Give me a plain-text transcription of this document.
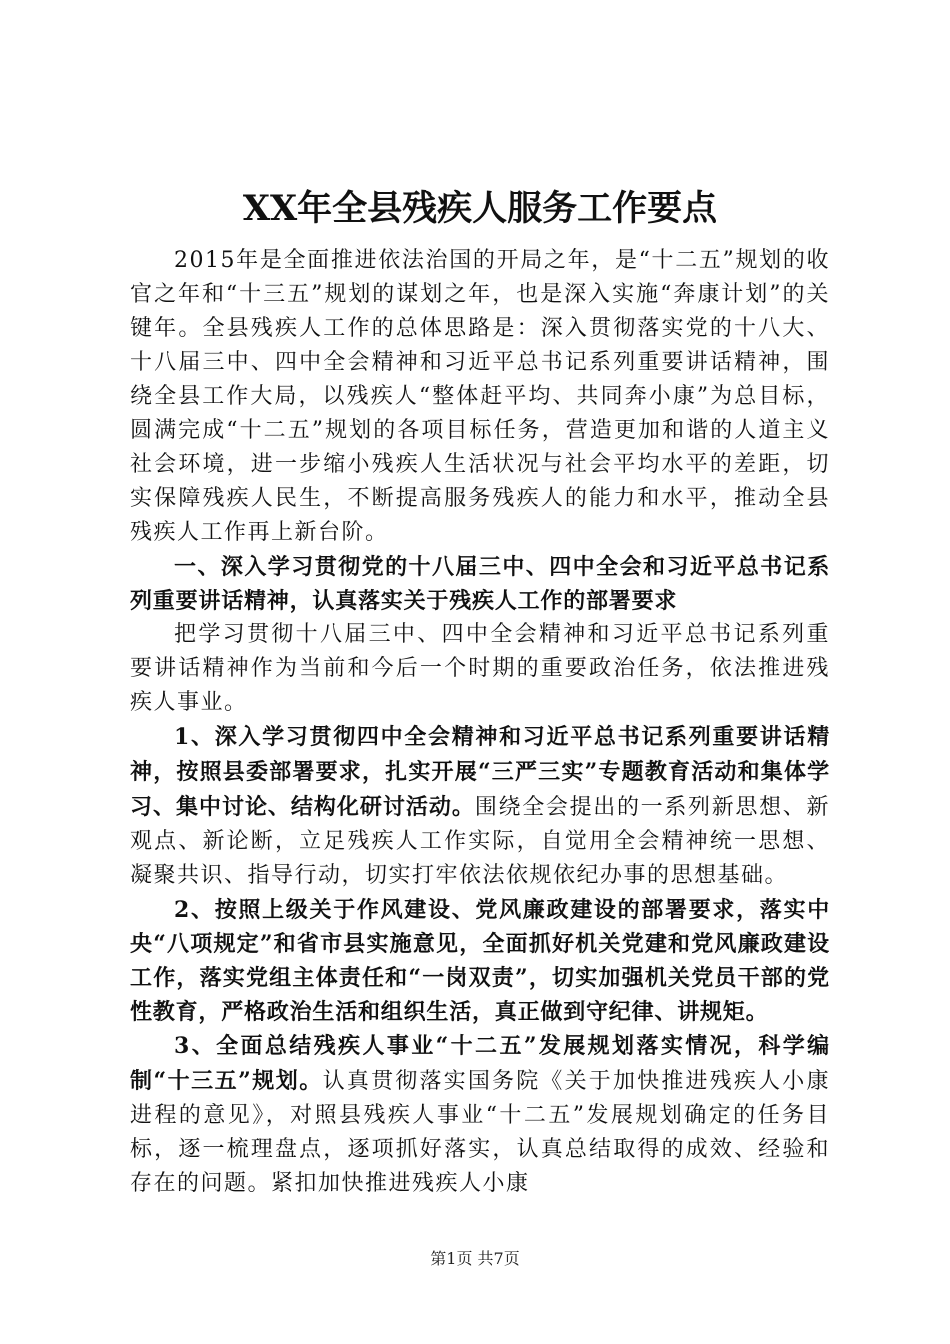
XX年全县残疾人服务工作要点

2015年是全面推进依法治国的开局之年，是“十二五”规划的收官之年和“十三五”规划的谋划之年，也是深入实施“奔康计划”的关键年。全县残疾人工作的总体思路是：深入贯彻落实党的十八大、十八届三中、四中全会精神和习近平总书记系列重要讲话精神，围绕全县工作大局，以残疾人“整体赶平均、共同奔小康”为总目标，圆满完成“十二五”规划的各项目标任务，营造更加和谐的人道主义社会环境，进一步缩小残疾人生活状况与社会平均水平的差距，切实保障残疾人民生，不断提高服务残疾人的能力和水平，推动全县残疾人工作再上新台阶。

一、深入学习贯彻党的十八届三中、四中全会和习近平总书记系列重要讲话精神，认真落实关于残疾人工作的部署要求

把学习贯彻十八届三中、四中全会精神和习近平总书记系列重要讲话精神作为当前和今后一个时期的重要政治任务，依法推进残疾人事业。

1、深入学习贯彻四中全会精神和习近平总书记系列重要讲话精神，按照县委部署要求，扎实开展“三严三实”专题教育活动和集体学习、集中讨论、结构化研讨活动。围绕全会提出的一系列新思想、新观点、新论断，立足残疾人工作实际，自觉用全会精神统一思想、凝聚共识、指导行动，切实打牢依法依规依纪办事的思想基础。

2、按照上级关于作风建设、党风廉政建设的部署要求，落实中央“八项规定”和省市县实施意见，全面抓好机关党建和党风廉政建设工作，落实党组主体责任和“一岗双责”，切实加强机关党员干部的党性教育，严格政治生活和组织生活，真正做到守纪律、讲规矩。

3、全面总结残疾人事业“十二五”发展规划落实情况，科学编制“十三五”规划。认真贯彻落实国务院《关于加快推进残疾人小康进程的意见》，对照县残疾人事业“十二五”发展规划确定的任务目标，逐一梳理盘点，逐项抓好落实，认真总结取得的成效、经验和存在的问题。紧扣加快推进残疾人小康

第1页 共7页
